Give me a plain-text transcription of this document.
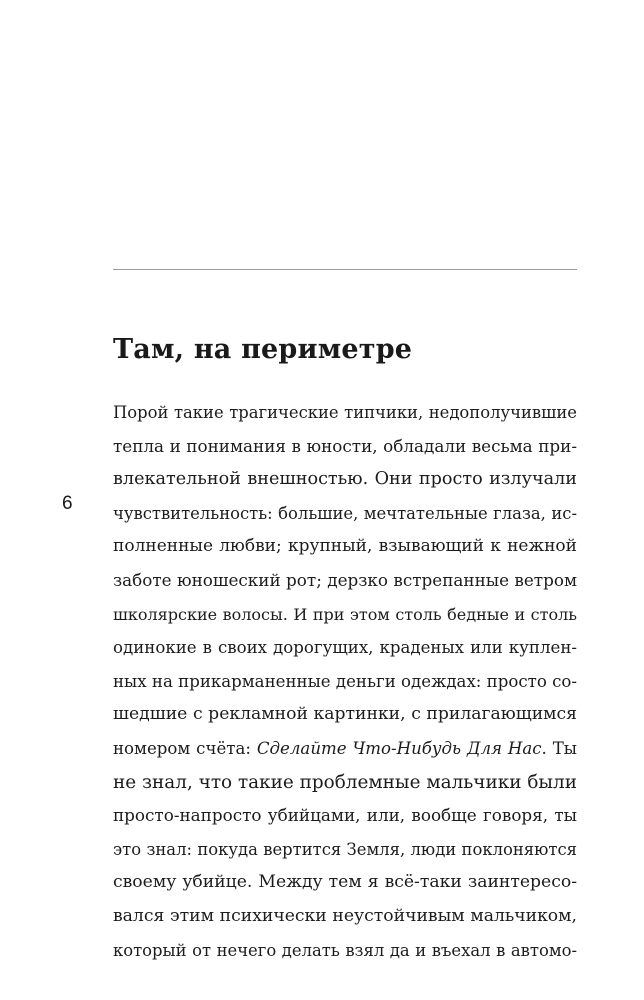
Там, на периметре
6
Порой такие трагические типчики, недополучившие
тепла и понимания в юности, обладали весьма при-
влекательной внешностью. Они просто излучали
чувствительность: большие, мечтательные глаза, ис-
полненные любви; крупный, взывающий к нежной
заботе юношеский рот; дерзко встрепанные ветром
школярские волосы. И при этом столь бедные и столь
одинокие в своих дорогущих, краденых или куплен-
ных на прикарманенные деньги одеждах: просто со-
шедшие с рекламной картинки, с прилагающимся
номером счёта: Сделайте Что-Нибудь Для Нас. Ты
не знал, что такие проблемные мальчики были
просто-напросто убийцами, или, вообще говоря, ты
это знал: покуда вертится Земля, люди поклоняются
своему убийце. Между тем я всё-таки заинтересо-
вался этим психически неустойчивым мальчиком,
который от нечего делать взял да и въехал в автомо-
